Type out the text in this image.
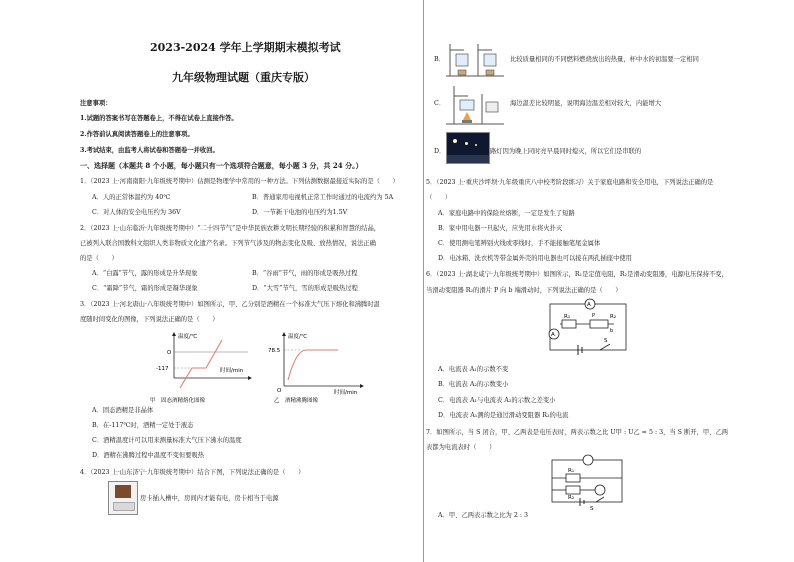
2023-2024 学年上学期期末模拟考试
九年级物理试题（重庆专版）
注意事项：
1.试题的答案书写在答题卷上，不得在试卷上直接作答。
2.作答前认真阅读答题卷上的注意事项。
3.考试结束，由监考人将试卷和答题卷一并收回。
一、选择题（本题共 8 个小题，每小题只有一个选项符合题意，每小题 3 分，共 24 分。）
1．（2023 上·河南南阳·九年级统考期中）估测是物理学中常用的一种方法。下列估测数据最接近实际的是（　　）
A．人的正常体温约为 40℃	B．普通家用电视机正常工作时通过的电流约为 5A
C．对人体的安全电压约为 36V	D．一节新干电池的电压约为1.5V
2．（2023 上·山东临沂·九年级统考期中）“二十四节气”是中华民族农耕文明长期经验的积累和智慧的结晶，
已被列入联合国教科文组织人类非物质文化遗产名录。下列节气涉及的物态变化及吸、放热情况，说法正确
的是（　　）
A．“白露”节气，露的形成是升华现象	B．“谷雨”节气，雨的形成是吸热过程
C．“霜降”节气，霜的形成是凝华现象	D．“大雪”节气，雪的形成是吸热过程
3．（2023 上·河北唐山·八年级统考期中）如图所示，甲、乙分别是酒精在一个标准大气压下熔化和沸腾时温
度随时间变化的图像，下列说法正确的是（　　）
温度/℃
时间/min
O
-117
甲　固态酒精熔化图像
温度/℃
时间/min
O
78.5
乙　酒精沸腾图像
A．固态酒精是非晶体
B．在-117℃时，酒精一定处于液态
C．酒精温度计可以用来测量标准大气压下沸水的温度
D．酒精在沸腾过程中温度不变但要吸热
4．（2023 上·山东济宁·九年级统考期中）结合下图，下列说法正确的是（　　）
房卡插入槽中，房间内才能有电，房卡相当于电源
B．	比较质量相同的不同燃料燃烧放出的热量，杯中水的初温要一定相同
C．	海边温差比较明显，说明海边温差相对较大，内能增大
D．	路灯因为晚上同时亮早晨同时熄灭，所以它们是串联的
5．（2023 上·重庆沙坪坝·九年级重庆八中校考阶段练习）关于家庭电路和安全用电，下列说法正确的是
（　　）
A．家庭电路中的保险丝熔断，一定是发生了短路
B．家中用电器一旦起火，应先用水将火扑灭
C．使用测电笔辨别火线或零线时，手不能接触笔尾金属体
D．电冰箱、洗衣机等带金属外壳的用电器也可以接在两孔插座中使用
6．（2023 上·湖北咸宁·九年级统考期中）如图所示，R₁是定值电阻，R₂是滑动变阻器，电源电压保持不变，
当滑动变阻器 R₂的滑片 P 向 b 端滑动时，下列说法正确的是（　　）
A
R₁	P	R₂
b
A
S
A．电流表 A₁的示数不变
B．电流表 A₂的示数变小
C．电流表 A₁与电流表 A₂的示数之差变小
D．电流表 A₁测的是通过滑动变阻器 R₂的电流
7．如图所示，当 S 闭合，甲、乙两表是电压表时，两表示数之比 U甲 : U乙 = 5 : 3，当 S 断开，甲、乙两
表都为电流表时（　　）
R₁
R₂
S
A．甲、乙两表示数之比为 2 : 3
